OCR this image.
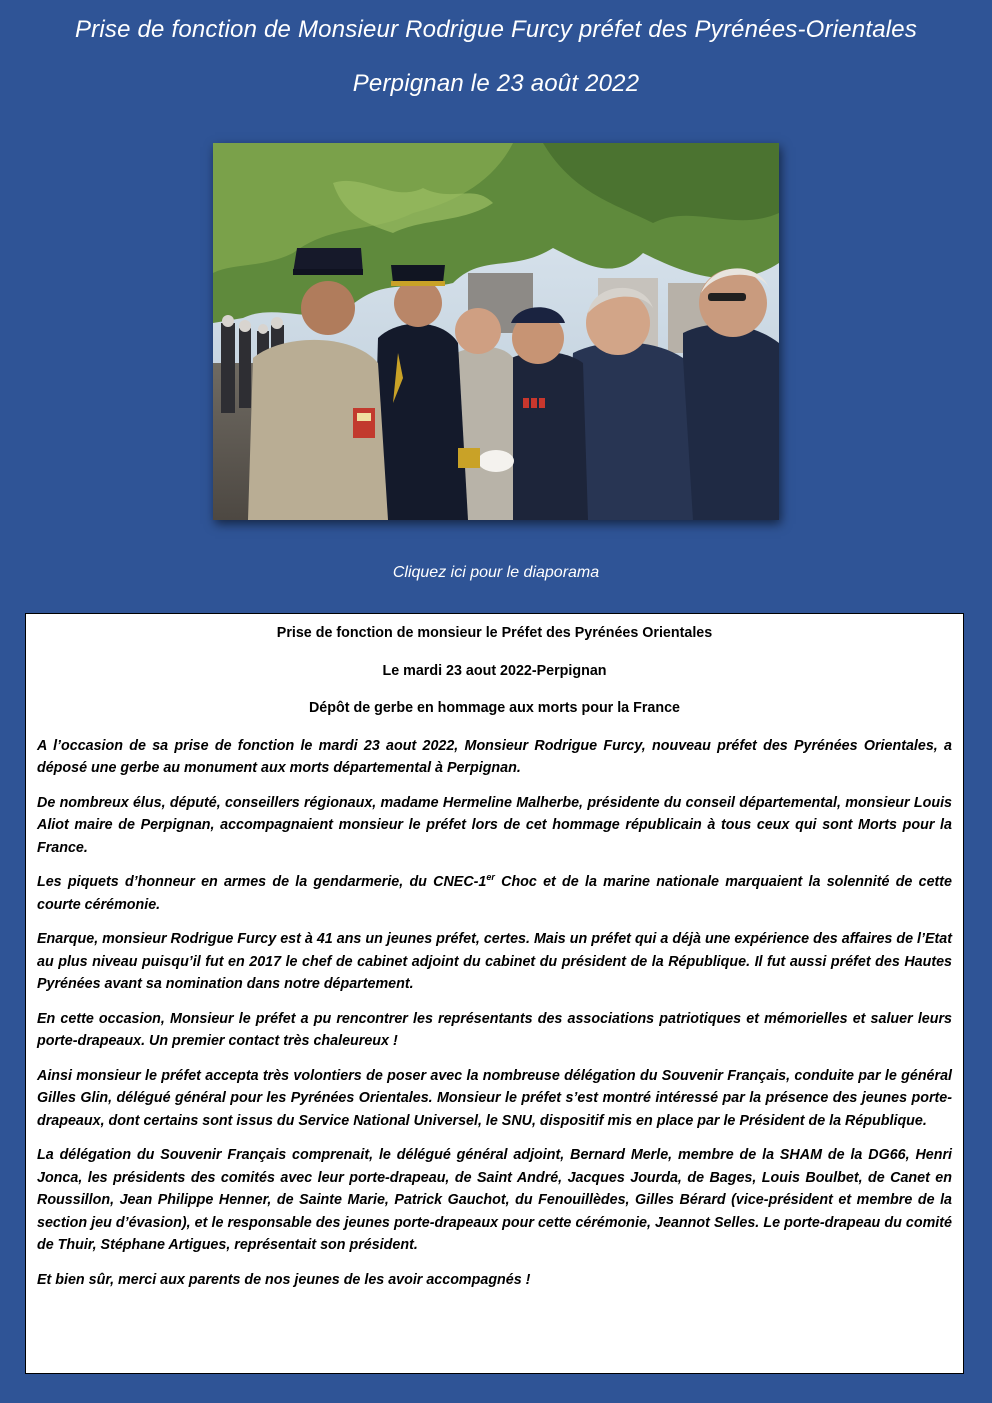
Prise de fonction de Monsieur Rodrigue Furcy préfet des Pyrénées-Orientales
Perpignan le 23 août 2022
Cliquez ici pour le diaporama
Prise de fonction de monsieur le Préfet des Pyrénées Orientales
Le mardi 23 aout 2022-Perpignan
Dépôt de gerbe en hommage aux morts pour la France

A l’occasion de sa prise de fonction le mardi 23 aout 2022, Monsieur Rodrigue Furcy, nouveau préfet des Pyrénées Orientales, a déposé une gerbe au monument aux morts départemental à Perpignan.

De nombreux élus, député, conseillers régionaux, madame Hermeline Malherbe, présidente du conseil départemental, monsieur Louis Aliot maire de Perpignan, accompagnaient monsieur le préfet lors de cet hommage républicain à tous ceux qui sont Morts pour la France.

Les piquets d’honneur en armes de la gendarmerie, du CNEC-1er Choc et de la marine nationale marquaient la solennité de cette courte cérémonie.

Enarque, monsieur Rodrigue Furcy est à 41 ans un jeunes préfet, certes. Mais un préfet qui a déjà une expérience des affaires de l’Etat au plus niveau puisqu’il fut en 2017 le chef de cabinet adjoint du cabinet du président de la République. Il fut aussi préfet des Hautes Pyrénées avant sa nomination dans notre département.

En cette occasion, Monsieur le préfet a pu rencontrer les représentants des associations patriotiques et mémorielles et saluer leurs porte-drapeaux. Un premier contact très chaleureux !

Ainsi monsieur le préfet accepta très volontiers de poser avec la nombreuse délégation du Souvenir Français, conduite par le général Gilles Glin, délégué général pour les Pyrénées Orientales. Monsieur le préfet s’est montré intéressé par la présence des jeunes porte-drapeaux, dont certains sont issus du Service National Universel, le SNU, dispositif mis en place par le Président de la République.

La délégation du Souvenir Français comprenait, le délégué général adjoint, Bernard Merle, membre de la SHAM de la DG66, Henri Jonca, les présidents des comités avec leur porte-drapeau, de Saint André, Jacques Jourda, de Bages, Louis Boulbet, de Canet en Roussillon, Jean Philippe Henner, de Sainte Marie, Patrick Gauchot, du Fenouillèdes, Gilles Bérard (vice-président et membre de la section jeu d’évasion), et le responsable des jeunes porte-drapeaux pour cette cérémonie, Jeannot Selles. Le porte-drapeau du comité de Thuir, Stéphane Artigues, représentait son président.

Et bien sûr, merci aux parents de nos jeunes de les avoir accompagnés !
